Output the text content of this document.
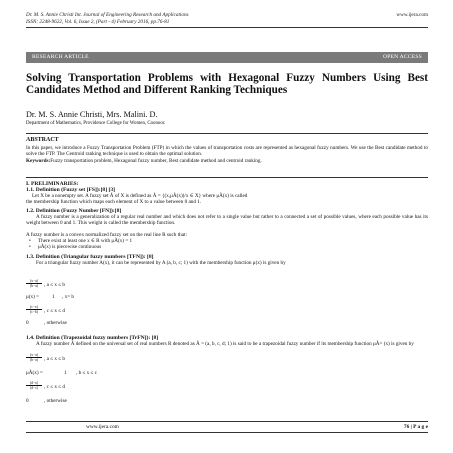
Dr. M. S. Annie Christi Int. Journal of Engineering Research and Applications	www.ijera.com
ISSN: 2248-9622, Vol. 6, Issue 2, (Part - 4) February 2016, pp.76-81
RESEARCH ARTICLE	OPEN ACCESS
Solving Transportation Problems with Hexagonal Fuzzy Numbers Using Best Candidates Method and Different Ranking Techniques
Dr. M. S. Annie Christi, Mrs. Malini. D.
Department of Mathematics, Providence College for Women, Coonoor.
ABSTRACT
In this paper, we introduce a Fuzzy Transportation Problem (FTP) in which the values of transportation costs are represented as hexagonal fuzzy numbers. We use the Best candidate method to solve the FTP. The Centroid ranking technique is used to obtain the optimal solution.
Keywords:Fuzzy transportation problem, Hexagonal fuzzy number, Best candidate method and centroid ranking.
I. PRELIMINARIES:
1.1. Definition (Fuzzy set [FS]):[8] [3]
Let X be a nonempty set. A fuzzy set Ã of X is defined as Ã = {(x,μÃ(x))/x ∈ X} where μÃ(x) is called
the membership function which maps each element of X to a value between 0 and 1.
1.2. Definition (Fuzzy Number [FN]):[8]
A fuzzy number is a generalization of a regular real number and which does not refer to a single value but rather to a connected a set of possible values, where each possible value has its weight between 0 and 1. This weight is called the membership function.
A fuzzy number is a convex normalized fuzzy set on the real line R such that:
• There exist at least one x ∈ R with μÃ(x) = 1
• μÃ(x) is piecewise continuous
1.3. Definition (Triangular fuzzy numbers [TFN]): [8]
For a triangular fuzzy number A(x), it can be represented by A (a, b, c; 1) with the membership function μ(x) is given by
$\frac{(x-a)}{(b-a)}$ , a ≤ x ≤ b
μ(x) = 1 , x= b
$\frac{(c-x)}{(c-b)}$ , c ≤ x ≤ d
0	, otherwise
1.4. Definition (Trapezoidal fuzzy numbers [TrFN]): [8]
A fuzzy number Ã defined on the universal set of real numbers R denoted as Ã = (a, b, c, d; 1) is said to be a trapezoidal fuzzy number if its membership function μÃ= (x) is given by
$\frac{(x-a)}{(b-a)}$ , a ≤ x ≤ b
μÃ(x) =	1 , b ≤ x ≤ c
$\frac{(d-x)}{(d-c)}$ , c ≤ x ≤ d
0	, otherwise
www.ijera.com	76 | P a g e
